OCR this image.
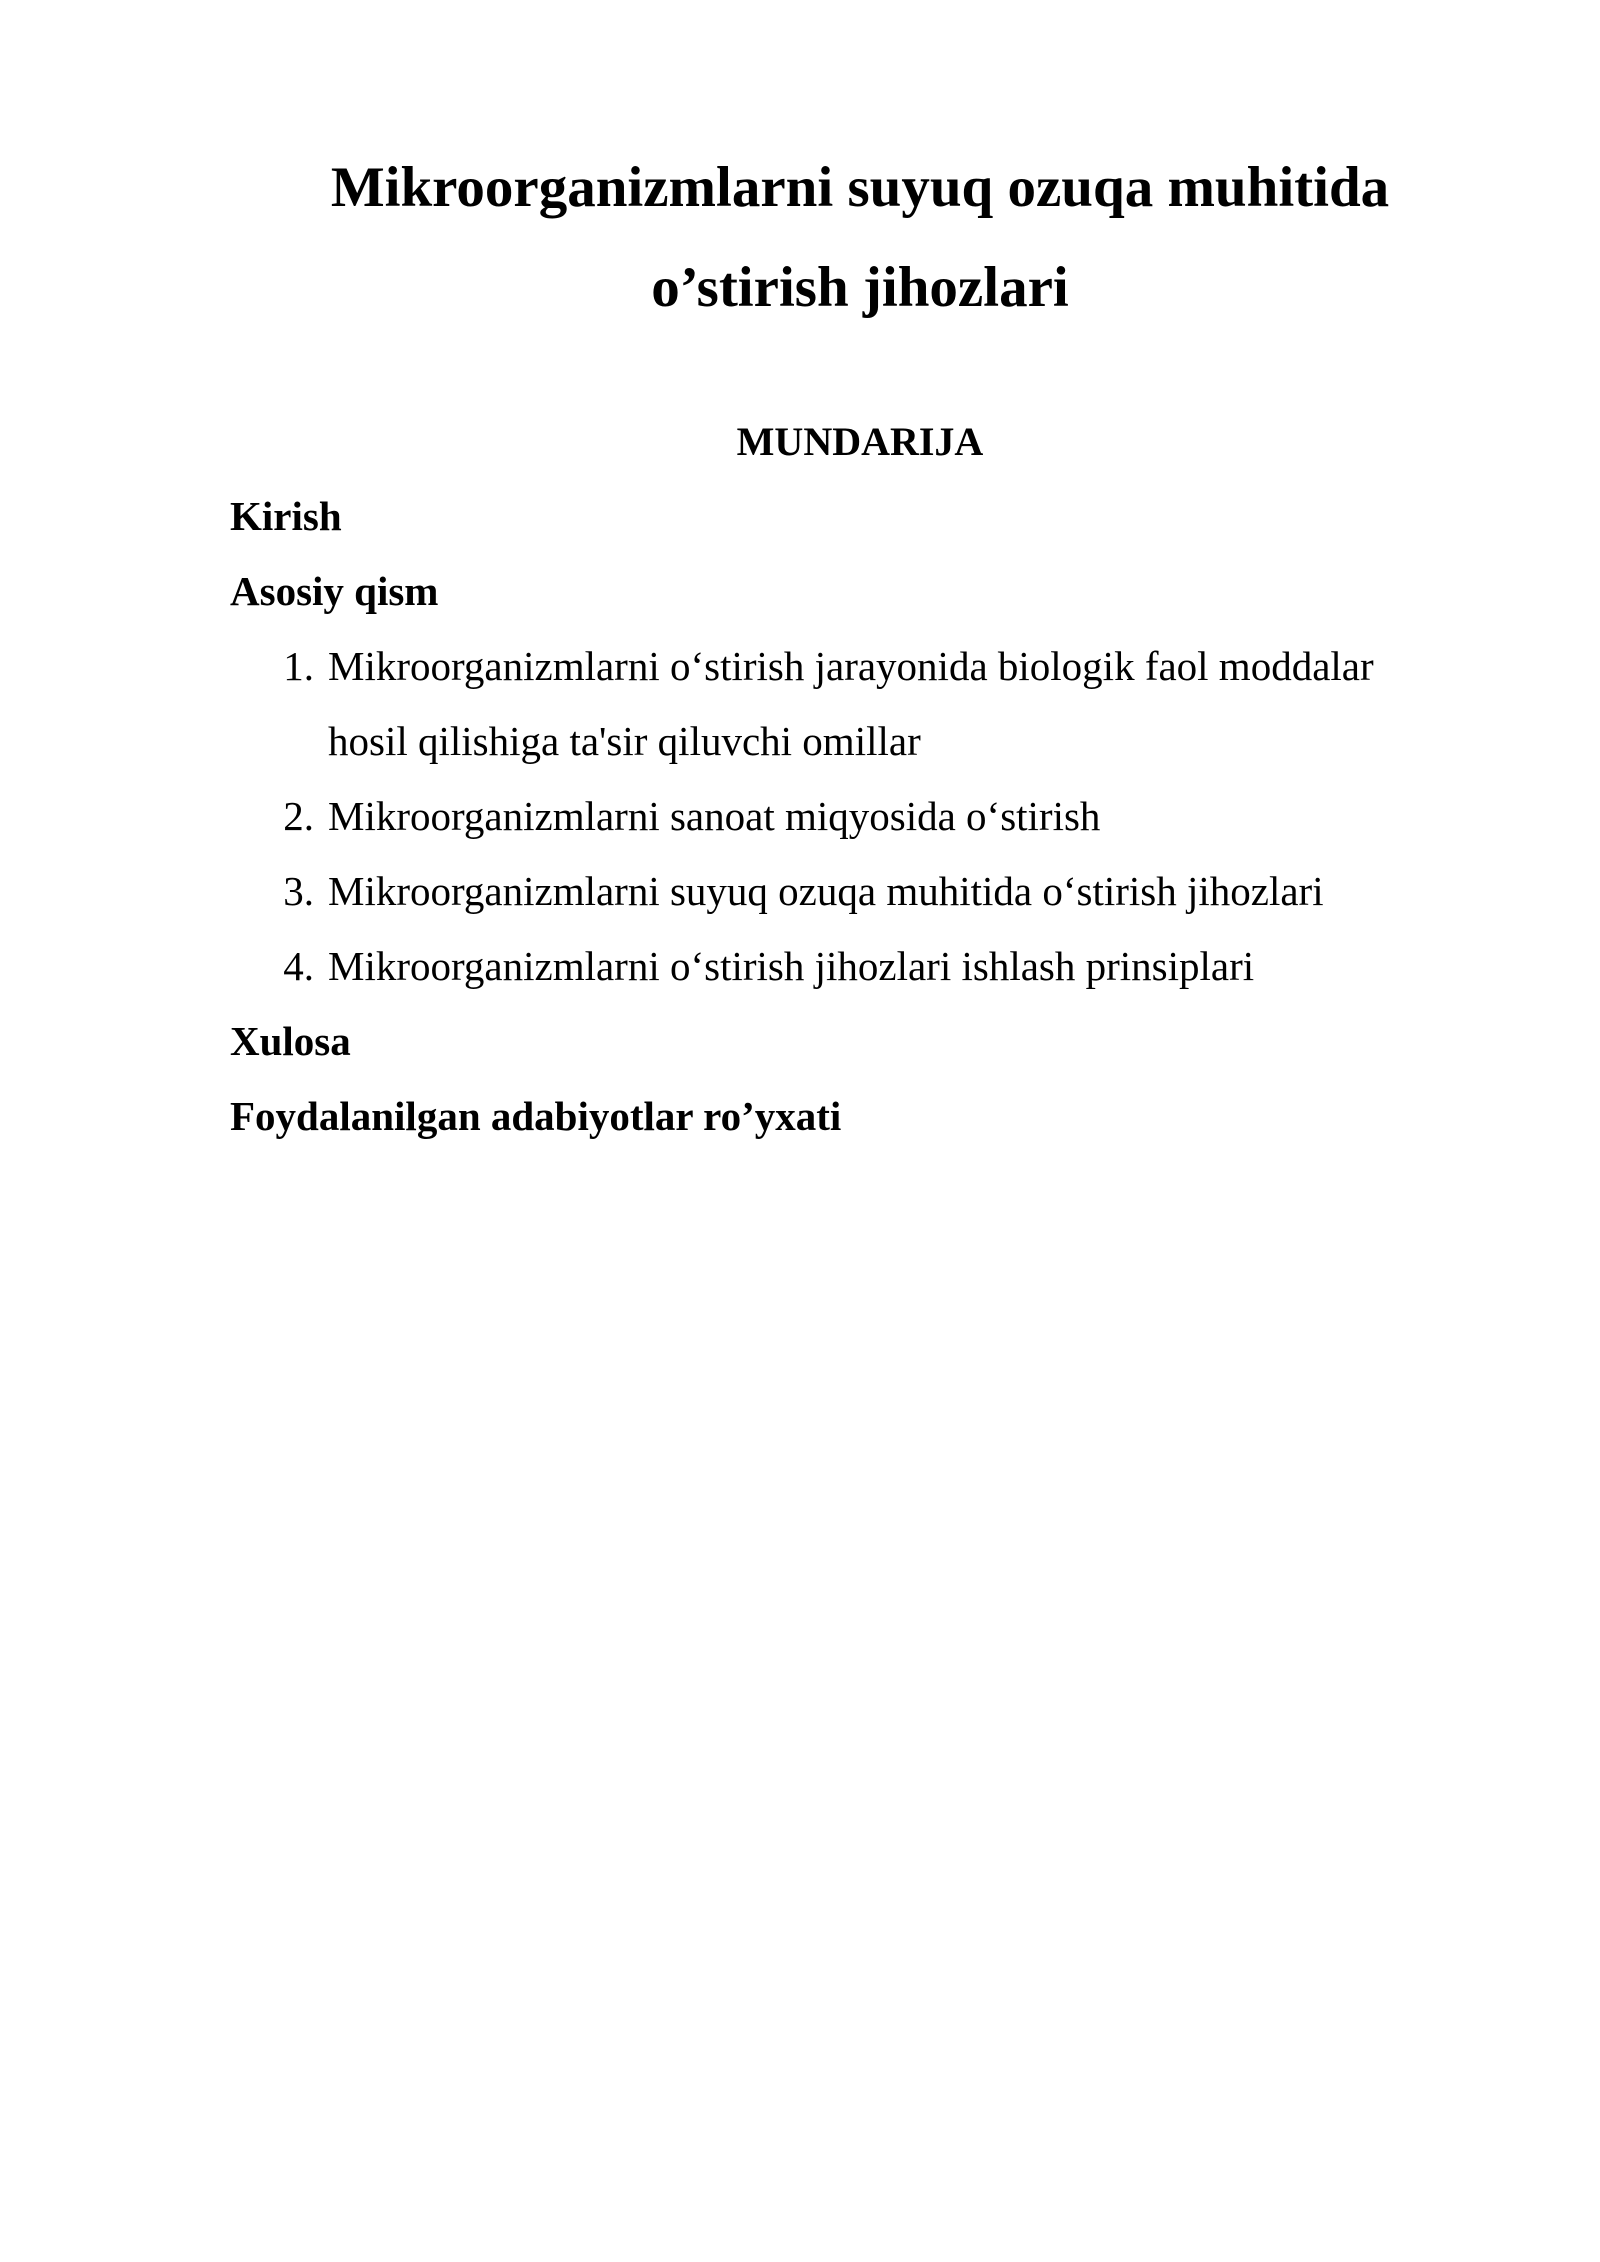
Mikroorganizmlarni suyuq ozuqa muhitida
o’stirish jihozlari
MUNDARIJA
Kirish
Asosiy qism
1. Mikroorganizmlarni o‘stirish jarayonida biologik faol moddalar
hosil qilishiga ta'sir qiluvchi omillar
2. Mikroorganizmlarni sanoat miqyosida o‘stirish
3. Mikroorganizmlarni suyuq ozuqa muhitida o‘stirish jihozlari
4. Mikroorganizmlarni o‘stirish jihozlari ishlash prinsiplari
Xulosa
Foydalanilgan adabiyotlar ro’yxati
